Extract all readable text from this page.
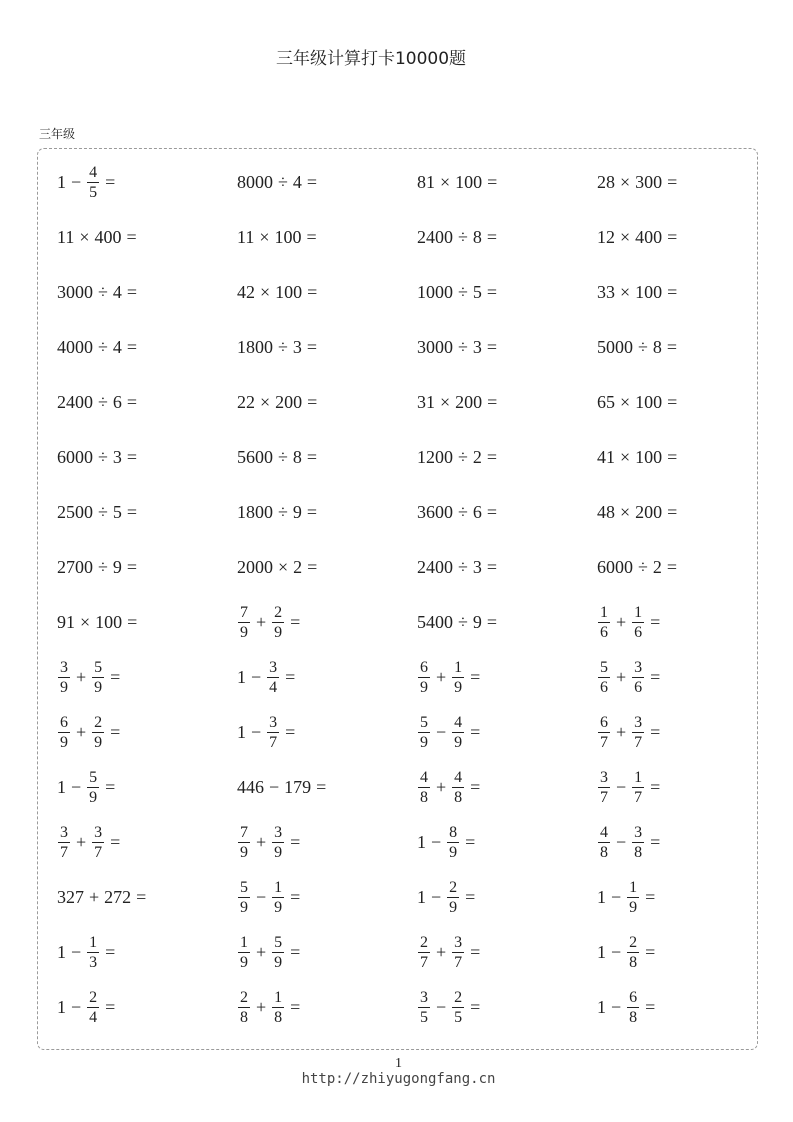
三年级计算打卡10000题
三年级
$1 - \frac{4}{5}$ =	8000 ÷ 4 =	81 × 100 =	28 × 300 =
11 × 400 =	11 × 100 =	2400 ÷ 8 =	12 × 400 =
3000 ÷ 4 =	42 × 100 =	1000 ÷ 5 =	33 × 100 =
4000 ÷ 4 =	1800 ÷ 3 =	3000 ÷ 3 =	5000 ÷ 8 =
2400 ÷ 6 =	22 × 200 =	31 × 200 =	65 × 100 =
6000 ÷ 3 =	5600 ÷ 8 =	1200 ÷ 2 =	41 × 100 =
2500 ÷ 5 =	1800 ÷ 9 =	3600 ÷ 6 =	48 × 200 =
2700 ÷ 9 =	2000 × 2 =	2400 ÷ 3 =	6000 ÷ 2 =
91 × 100 =	$\frac{7}{9} + \frac{2}{9}$ =	5400 ÷ 9 =	$\frac{1}{6} + \frac{1}{6}$ =
$\frac{3}{9} + \frac{5}{9}$ =	$1 - \frac{3}{4}$ =	$\frac{6}{9} + \frac{1}{9}$ =	$\frac{5}{6} + \frac{3}{6}$ =
$\frac{6}{9} + \frac{2}{9}$ =	$1 - \frac{3}{7}$ =	$\frac{5}{9} - \frac{4}{9}$ =	$\frac{6}{7} + \frac{3}{7}$ =
$1 - \frac{5}{9}$ =	446 − 179 =	$\frac{4}{8} + \frac{4}{8}$ =	$\frac{3}{7} - \frac{1}{7}$ =
$\frac{3}{7} + \frac{3}{7}$ =	$\frac{7}{9} + \frac{3}{9}$ =	$1 - \frac{8}{9}$ =	$\frac{4}{8} - \frac{3}{8}$ =
327 + 272 =	$\frac{5}{9} - \frac{1}{9}$ =	$1 - \frac{2}{9}$ =	$1 - \frac{1}{9}$ =
$1 - \frac{1}{3}$ =	$\frac{1}{9} + \frac{5}{9}$ =	$\frac{2}{7} + \frac{3}{7}$ =	$1 - \frac{2}{8}$ =
$1 - \frac{2}{4}$ =	$\frac{2}{8} + \frac{1}{8}$ =	$\frac{3}{5} - \frac{2}{5}$ =	$1 - \frac{6}{8}$ =
1
http://zhiyugongfang.cn
